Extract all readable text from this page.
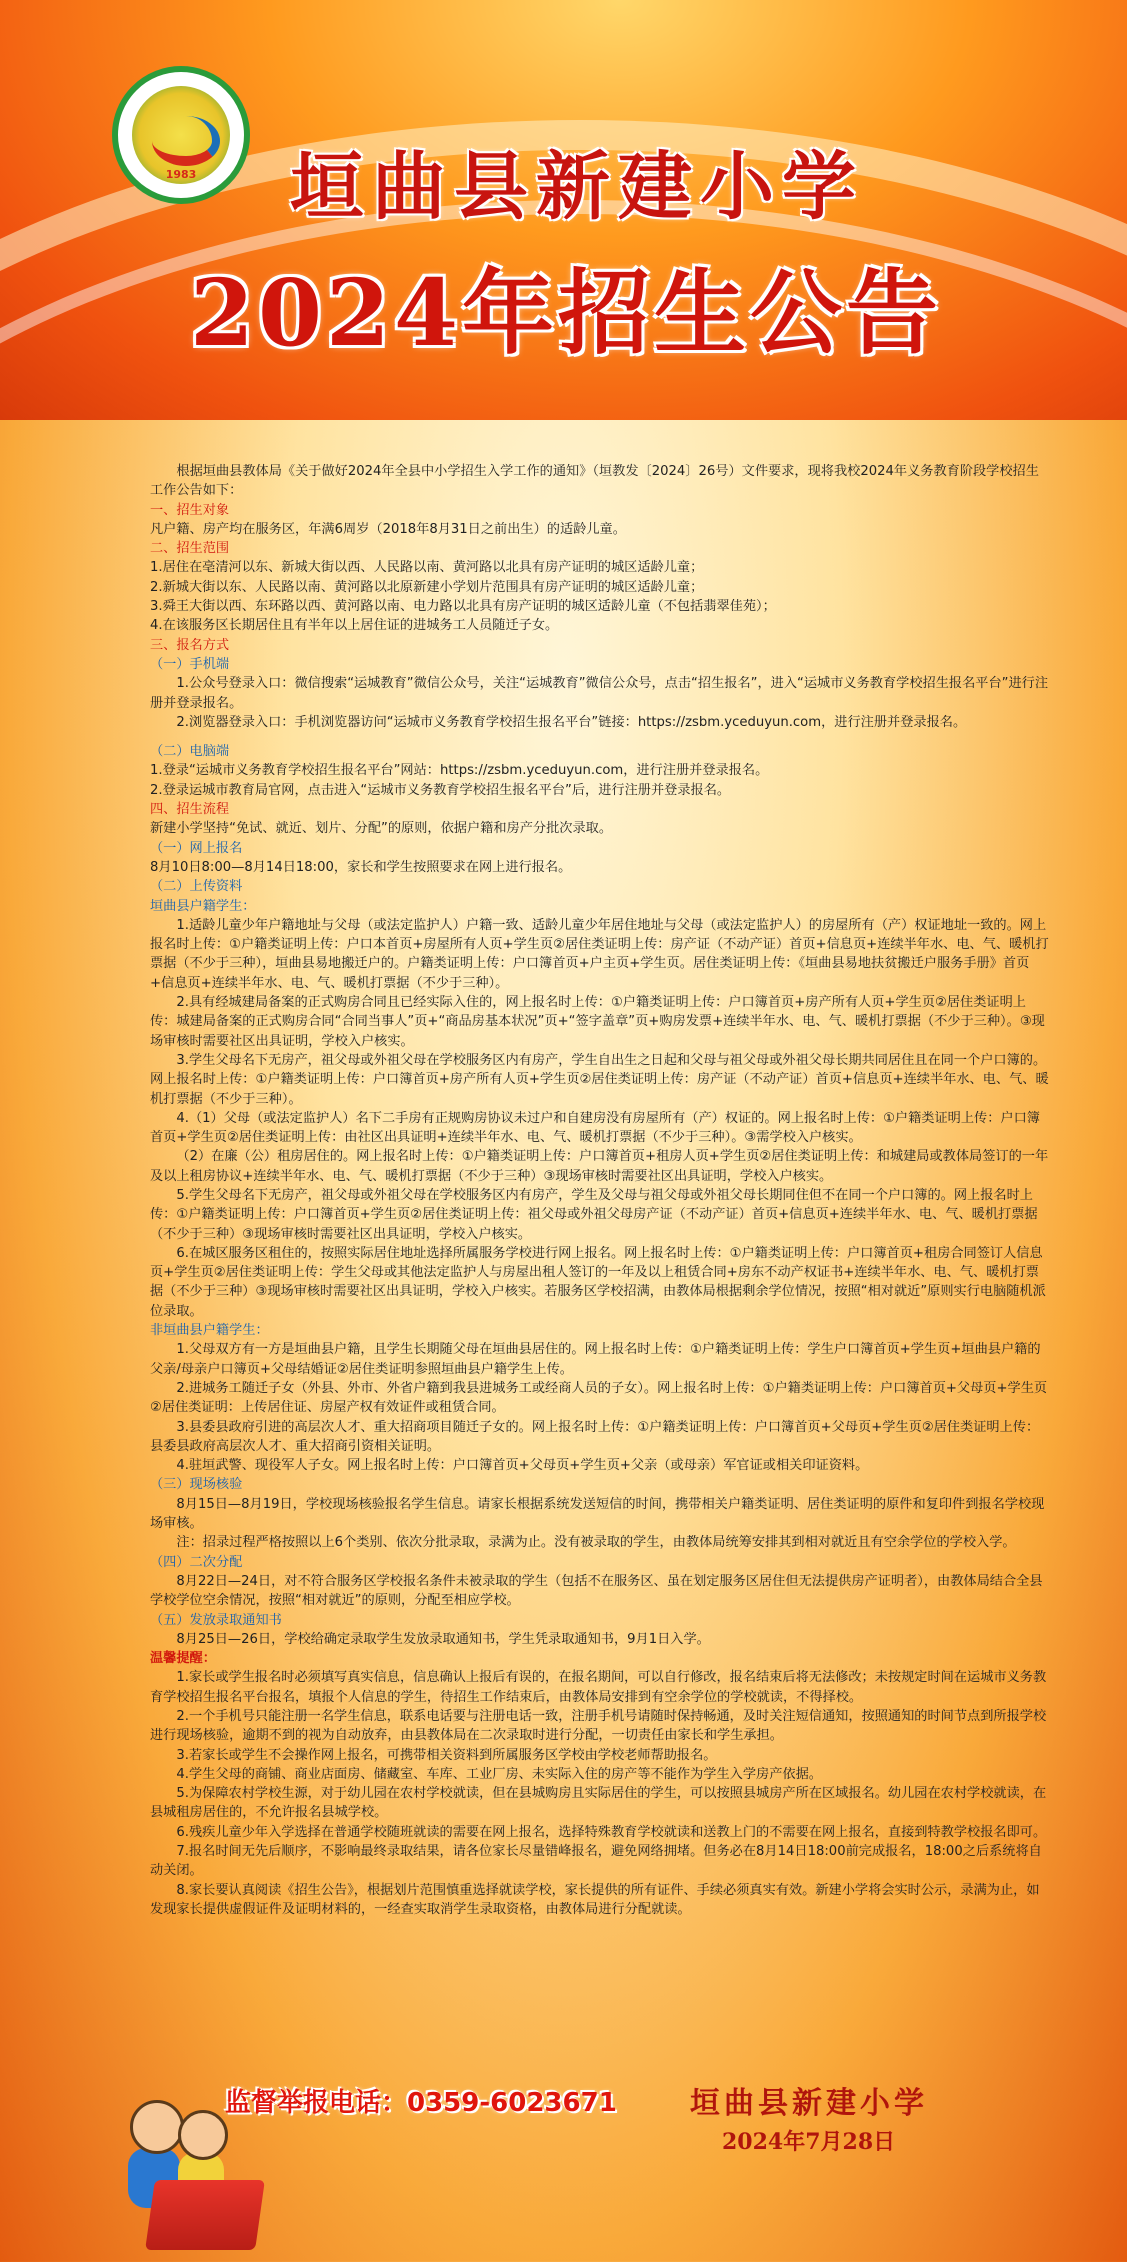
1983	垣曲县新建小学
2024年招生公告

根据垣曲县教体局《关于做好2024年全县中小学招生入学工作的通知》（垣教发〔2024〕26号）文件要求，现将我校2024年义务教育阶段学校招生工作公告如下：

一、招生对象

凡户籍、房产均在服务区，年满6周岁（2018年8月31日之前出生）的适龄儿童。

二、招生范围

1.居住在亳清河以东、新城大街以西、人民路以南、黄河路以北具有房产证明的城区适龄儿童；

2.新城大街以东、人民路以南、黄河路以北原新建小学划片范围具有房产证明的城区适龄儿童；

3.舜王大街以西、东环路以西、黄河路以南、电力路以北具有房产证明的城区适龄儿童（不包括翡翠佳苑）；

4.在该服务区长期居住且有半年以上居住证的进城务工人员随迁子女。

三、报名方式

（一）手机端

1.公众号登录入口：微信搜索“运城教育”微信公众号，关注“运城教育”微信公众号，点击“招生报名”，进入“运城市义务教育学校招生报名平台”进行注册并登录报名。

2.浏览器登录入口：手机浏览器访问“运城市义务教育学校招生报名平台”链接：https://zsbm.yceduyun.com，进行注册并登录报名。

（二）电脑端

1.登录“运城市义务教育学校招生报名平台”网站：https://zsbm.yceduyun.com，进行注册并登录报名。

2.登录运城市教育局官网，点击进入“运城市义务教育学校招生报名平台”后，进行注册并登录报名。

四、招生流程

新建小学坚持“免试、就近、划片、分配”的原则，依据户籍和房产分批次录取。

（一）网上报名

8月10日8:00—8月14日18:00，家长和学生按照要求在网上进行报名。

（二）上传资料

垣曲县户籍学生：

1.适龄儿童少年户籍地址与父母（或法定监护人）户籍一致、适龄儿童少年居住地址与父母（或法定监护人）的房屋所有（产）权证地址一致的。网上报名时上传：①户籍类证明上传：户口本首页+房屋所有人页+学生页②居住类证明上传：房产证（不动产证）首页+信息页+连续半年水、电、气、暖机打票据（不少于三种），垣曲县易地搬迁户的。户籍类证明上传：户口簿首页+户主页+学生页。居住类证明上传：《垣曲县易地扶贫搬迁户服务手册》首页+信息页+连续半年水、电、气、暖机打票据（不少于三种）。

2.具有经城建局备案的正式购房合同且已经实际入住的，网上报名时上传：①户籍类证明上传：户口簿首页+房产所有人页+学生页②居住类证明上传：城建局备案的正式购房合同“合同当事人”页+“商品房基本状况”页+“签字盖章”页+购房发票+连续半年水、电、气、暖机打票据（不少于三种）。③现场审核时需要社区出具证明，学校入户核实。

3.学生父母名下无房产，祖父母或外祖父母在学校服务区内有房产，学生自出生之日起和父母与祖父母或外祖父母长期共同居住且在同一个户口簿的。网上报名时上传：①户籍类证明上传：户口簿首页+房产所有人页+学生页②居住类证明上传：房产证（不动产证）首页+信息页+连续半年水、电、气、暖机打票据（不少于三种）。

4.（1）父母（或法定监护人）名下二手房有正规购房协议未过户和自建房没有房屋所有（产）权证的。网上报名时上传：①户籍类证明上传：户口簿首页+学生页②居住类证明上传：由社区出具证明+连续半年水、电、气、暖机打票据（不少于三种）。③需学校入户核实。

（2）在廉（公）租房居住的。网上报名时上传：①户籍类证明上传：户口簿首页+租房人页+学生页②居住类证明上传：和城建局或教体局签订的一年及以上租房协议+连续半年水、电、气、暖机打票据（不少于三种）③现场审核时需要社区出具证明，学校入户核实。

5.学生父母名下无房产，祖父母或外祖父母在学校服务区内有房产，学生及父母与祖父母或外祖父母长期同住但不在同一个户口簿的。网上报名时上传：①户籍类证明上传：户口簿首页+学生页②居住类证明上传：祖父母或外祖父母房产证（不动产证）首页+信息页+连续半年水、电、气、暖机打票据（不少于三种）③现场审核时需要社区出具证明，学校入户核实。

6.在城区服务区租住的，按照实际居住地址选择所属服务学校进行网上报名。网上报名时上传：①户籍类证明上传：户口簿首页+租房合同签订人信息页+学生页②居住类证明上传：学生父母或其他法定监护人与房屋出租人签订的一年及以上租赁合同+房东不动产权证书+连续半年水、电、气、暖机打票据（不少于三种）③现场审核时需要社区出具证明，学校入户核实。若服务区学校招满，由教体局根据剩余学位情况，按照“相对就近”原则实行电脑随机派位录取。

非垣曲县户籍学生：

1.父母双方有一方是垣曲县户籍，且学生长期随父母在垣曲县居住的。网上报名时上传：①户籍类证明上传：学生户口簿首页+学生页+垣曲县户籍的父亲/母亲户口簿页+父母结婚证②居住类证明参照垣曲县户籍学生上传。

2.进城务工随迁子女（外县、外市、外省户籍到我县进城务工或经商人员的子女）。网上报名时上传：①户籍类证明上传：户口簿首页+父母页+学生页②居住类证明：上传居住证、房屋产权有效证件或租赁合同。

3.县委县政府引进的高层次人才、重大招商项目随迁子女的。网上报名时上传：①户籍类证明上传：户口簿首页+父母页+学生页②居住类证明上传：县委县政府高层次人才、重大招商引资相关证明。

4.驻垣武警、现役军人子女。网上报名时上传：户口簿首页+父母页+学生页+父亲（或母亲）军官证或相关印证资料。

（三）现场核验

8月15日—8月19日，学校现场核验报名学生信息。请家长根据系统发送短信的时间，携带相关户籍类证明、居住类证明的原件和复印件到报名学校现场审核。

注：招录过程严格按照以上6个类别、依次分批录取，录满为止。没有被录取的学生，由教体局统筹安排其到相对就近且有空余学位的学校入学。

（四）二次分配

8月22日—24日，对不符合服务区学校报名条件未被录取的学生（包括不在服务区、虽在划定服务区居住但无法提供房产证明者），由教体局结合全县学校学位空余情况，按照“相对就近”的原则，分配至相应学校。

（五）发放录取通知书

8月25日—26日，学校给确定录取学生发放录取通知书，学生凭录取通知书，9月1日入学。

温馨提醒：

1.家长或学生报名时必须填写真实信息，信息确认上报后有误的，在报名期间，可以自行修改，报名结束后将无法修改；未按规定时间在运城市义务教育学校招生报名平台报名，填报个人信息的学生，待招生工作结束后，由教体局安排到有空余学位的学校就读，不得择校。

2.一个手机号只能注册一名学生信息，联系电话要与注册电话一致，注册手机号请随时保持畅通，及时关注短信通知，按照通知的时间节点到所报学校进行现场核验，逾期不到的视为自动放弃，由县教体局在二次录取时进行分配，一切责任由家长和学生承担。

3.若家长或学生不会操作网上报名，可携带相关资料到所属服务区学校由学校老师帮助报名。

4.学生父母的商铺、商业店面房、储藏室、车库、工业厂房、未实际入住的房产等不能作为学生入学房产依据。

5.为保障农村学校生源，对于幼儿园在农村学校就读，但在县城购房且实际居住的学生，可以按照县城房产所在区域报名。幼儿园在农村学校就读，在县城租房居住的，不允许报名县城学校。

6.残疾儿童少年入学选择在普通学校随班就读的需要在网上报名，选择特殊教育学校就读和送教上门的不需要在网上报名，直接到特教学校报名即可。

7.报名时间无先后顺序，不影响最终录取结果，请各位家长尽量错峰报名，避免网络拥堵。但务必在8月14日18:00前完成报名，18:00之后系统将自动关闭。

8.家长要认真阅读《招生公告》，根据划片范围慎重选择就读学校，家长提供的所有证件、手续必须真实有效。新建小学将会实时公示，录满为止，如发现家长提供虚假证件及证明材料的，一经查实取消学生录取资格，由教体局进行分配就读。

监督举报电话：0359-6023671 垣曲县新建小学

2024年7月28日
